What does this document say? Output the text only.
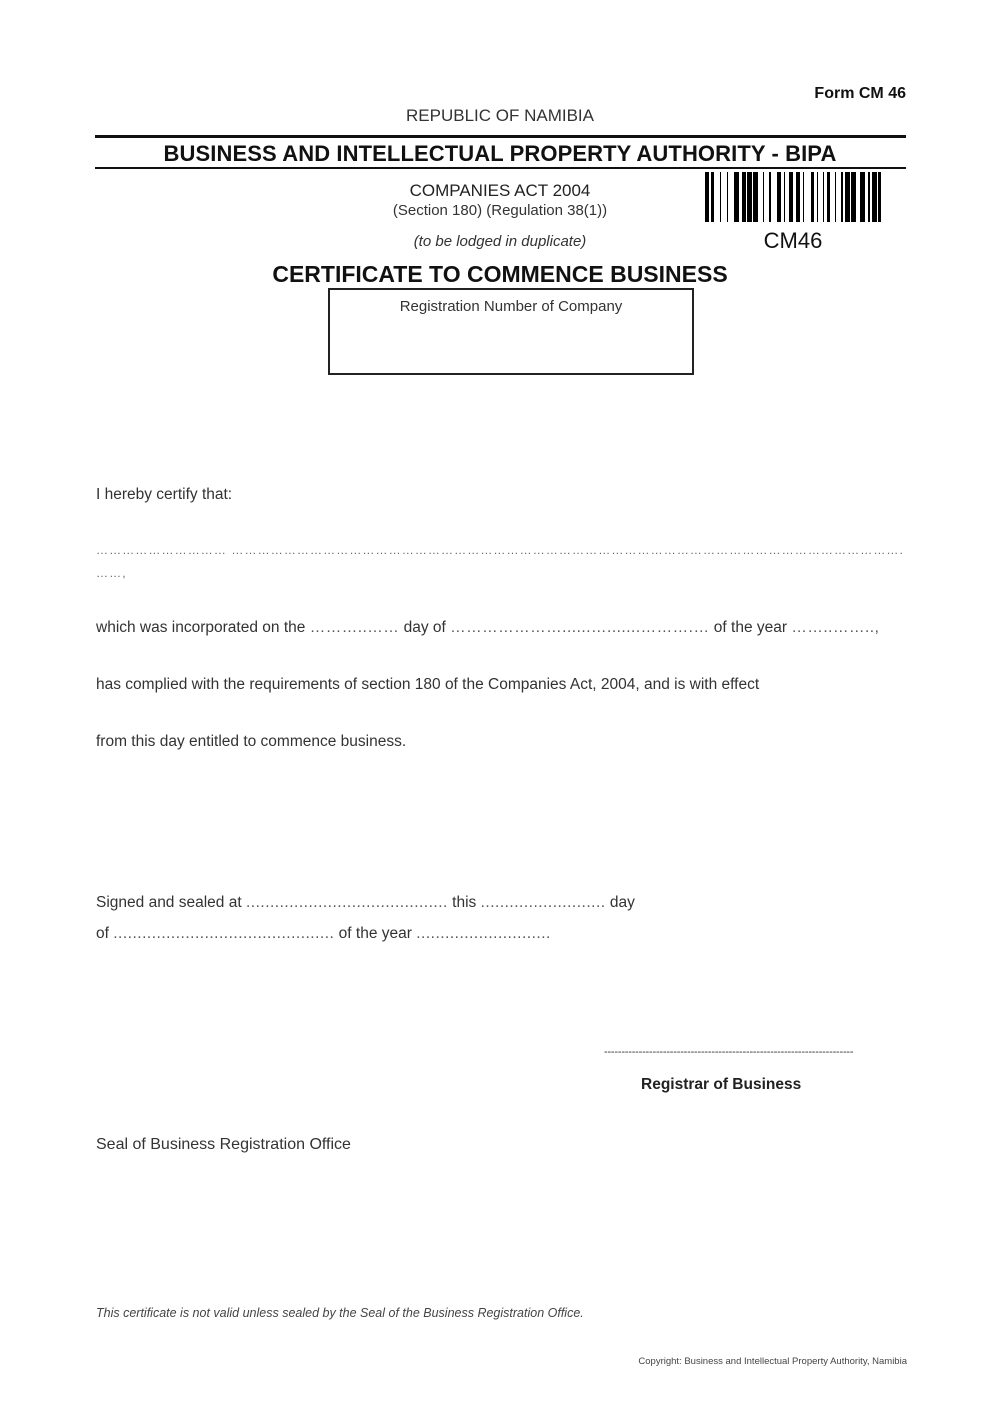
Form CM 46
REPUBLIC OF NAMIBIA
BUSINESS AND INTELLECTUAL PROPERTY AUTHORITY - BIPA
COMPANIES ACT 2004
(Section 180) (Regulation 38(1))
(to be lodged in duplicate)	CM46
CERTIFICATE TO COMMENCE BUSINESS
Registration Number of Company
I hereby certify that:
………………………… ……………………………………………………………………………………………………………………………………….
……,
which was incorporated on the ………..…… day of …………………......….......……….… of the year ……..……..,
has complied with the requirements of section 180 of the Companies Act, 2004, and is with effect
from this day entitled to commence business.
Signed and sealed at .......................................... this .......................... day
of .............................................. of the year ............................
------------------------------------------------------------------------
Registrar of Business
Seal of Business Registration Office
This certificate is not valid unless sealed by the Seal of the Business Registration Office.
Copyright: Business and Intellectual Property Authority, Namibia
